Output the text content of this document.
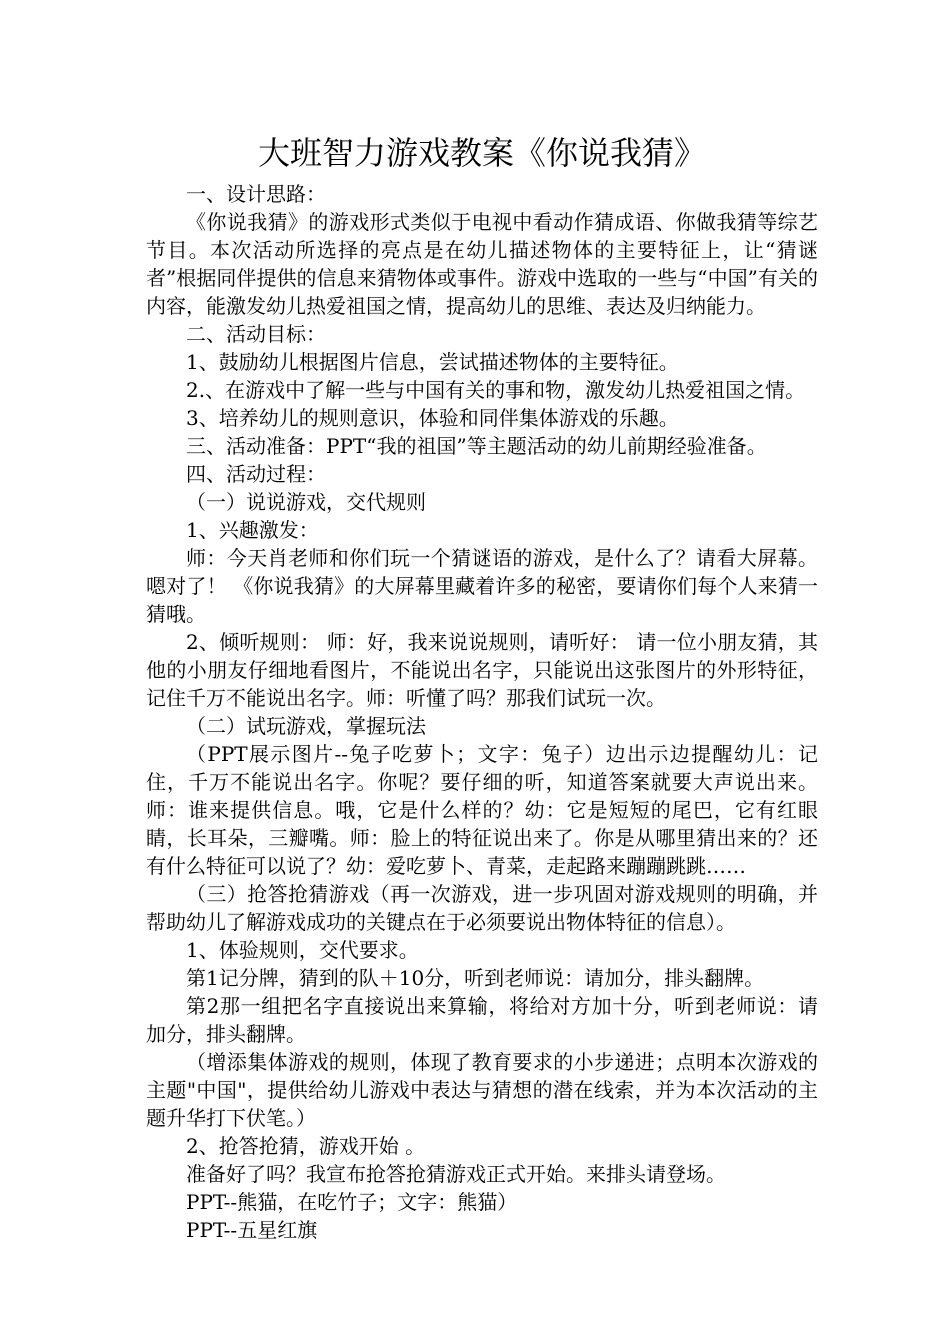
大班智力游戏教案《你说我猜》

一、设计思路：

《你说我猜》的游戏形式类似于电视中看动作猜成语、你做我猜等综艺节目。本次活动所选择的亮点是在幼儿描述物体的主要特征上，让“猜谜者”根据同伴提供的信息来猜物体或事件。游戏中选取的一些与“中国”有关的内容，能激发幼儿热爱祖国之情，提高幼儿的思维、表达及归纳能力。

二、活动目标：

1、鼓励幼儿根据图片信息，尝试描述物体的主要特征。

2.、在游戏中了解一些与中国有关的事和物，激发幼儿热爱祖国之情。

3、培养幼儿的规则意识，体验和同伴集体游戏的乐趣。

三、活动准备：PPT“我的祖国”等主题活动的幼儿前期经验准备。

四、活动过程：

（一）说说游戏，交代规则

1、兴趣激发：

师：今天肖老师和你们玩一个猜谜语的游戏，是什么了？请看大屏幕。嗯对了！ 《你说我猜》的大屏幕里藏着许多的秘密，要请你们每个人来猜一猜哦。

2、倾听规则： 师：好，我来说说规则，请听好： 请一位小朋友猜，其他的小朋友仔细地看图片，不能说出名字，只能说出这张图片的外形特征，记住千万不能说出名字。师：听懂了吗？那我们试玩一次。

（二）试玩游戏，掌握玩法

（PPT展示图片--兔子吃萝卜；文字：兔子）边出示边提醒幼儿：记住，千万不能说出名字。你呢？要仔细的听，知道答案就要大声说出来。师：谁来提供信息。哦，它是什么样的？幼：它是短短的尾巴，它有红眼睛，长耳朵，三瓣嘴。师：脸上的特征说出来了。你是从哪里猜出来的？还有什么特征可以说了？幼：爱吃萝卜、青菜，走起路来蹦蹦跳跳……

（三）抢答抢猜游戏（再一次游戏，进一步巩固对游戏规则的明确，并帮助幼儿了解游戏成功的关键点在于必须要说出物体特征的信息）。

1、体验规则，交代要求。

第1记分牌，猜到的队＋10分，听到老师说：请加分，排头翻牌。

第2那一组把名字直接说出来算输，将给对方加十分，听到老师说：请加分，排头翻牌。

（增添集体游戏的规则，体现了教育要求的小步递进；点明本次游戏的主题"中国"，提供给幼儿游戏中表达与猜想的潜在线索，并为本次活动的主题升华打下伏笔。）

2、抢答抢猜，游戏开始 。

准备好了吗？我宣布抢答抢猜游戏正式开始。来排头请登场。

PPT--熊猫，在吃竹子；文字：熊猫）

PPT--五星红旗
